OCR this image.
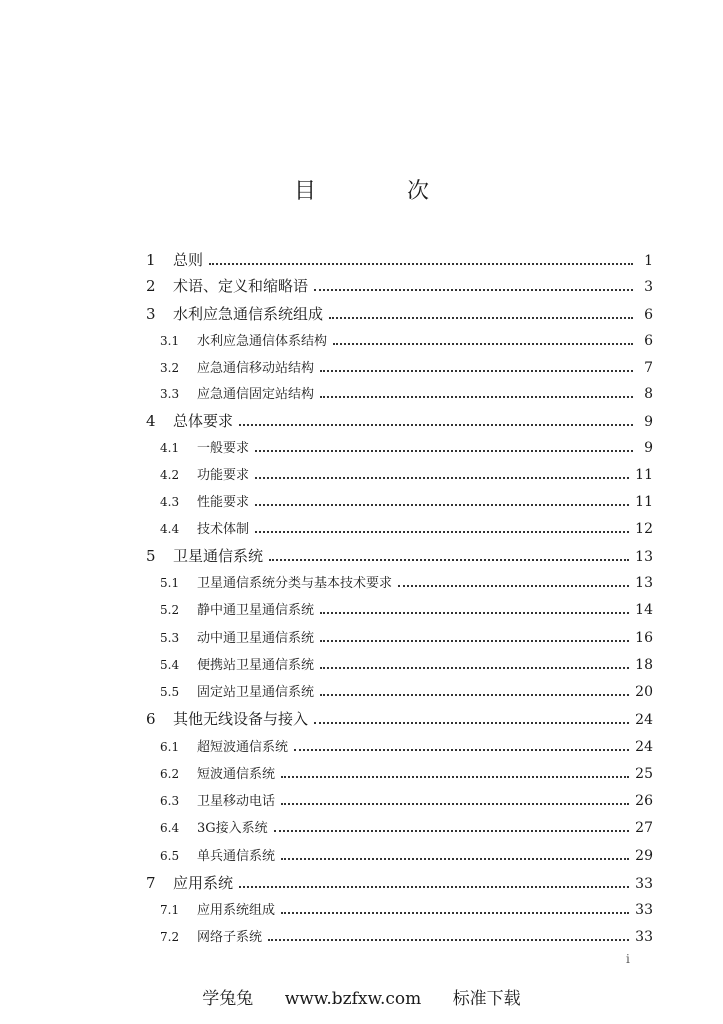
目 次
1	总则	1
2	术语、定义和缩略语	3
3	水利应急通信系统组成	6
3.1	水利应急通信体系结构	6
3.2	应急通信移动站结构	7
3.3	应急通信固定站结构	8
4	总体要求	9
4.1	一般要求	9
4.2	功能要求	11
4.3	性能要求	11
4.4	技术体制	12
5	卫星通信系统	13
5.1	卫星通信系统分类与基本技术要求	13
5.2	静中通卫星通信系统	14
5.3	动中通卫星通信系统	16
5.4	便携站卫星通信系统	18
5.5	固定站卫星通信系统	20
6	其他无线设备与接入	24
6.1	超短波通信系统	24
6.2	短波通信系统	25
6.3	卫星移动电话	26
6.4	3G接入系统	27
6.5	单兵通信系统	29
7	应用系统	33
7.1	应用系统组成	33
7.2	网络子系统	33
i
学兔兔 www.bzfxw.com 标准下载
